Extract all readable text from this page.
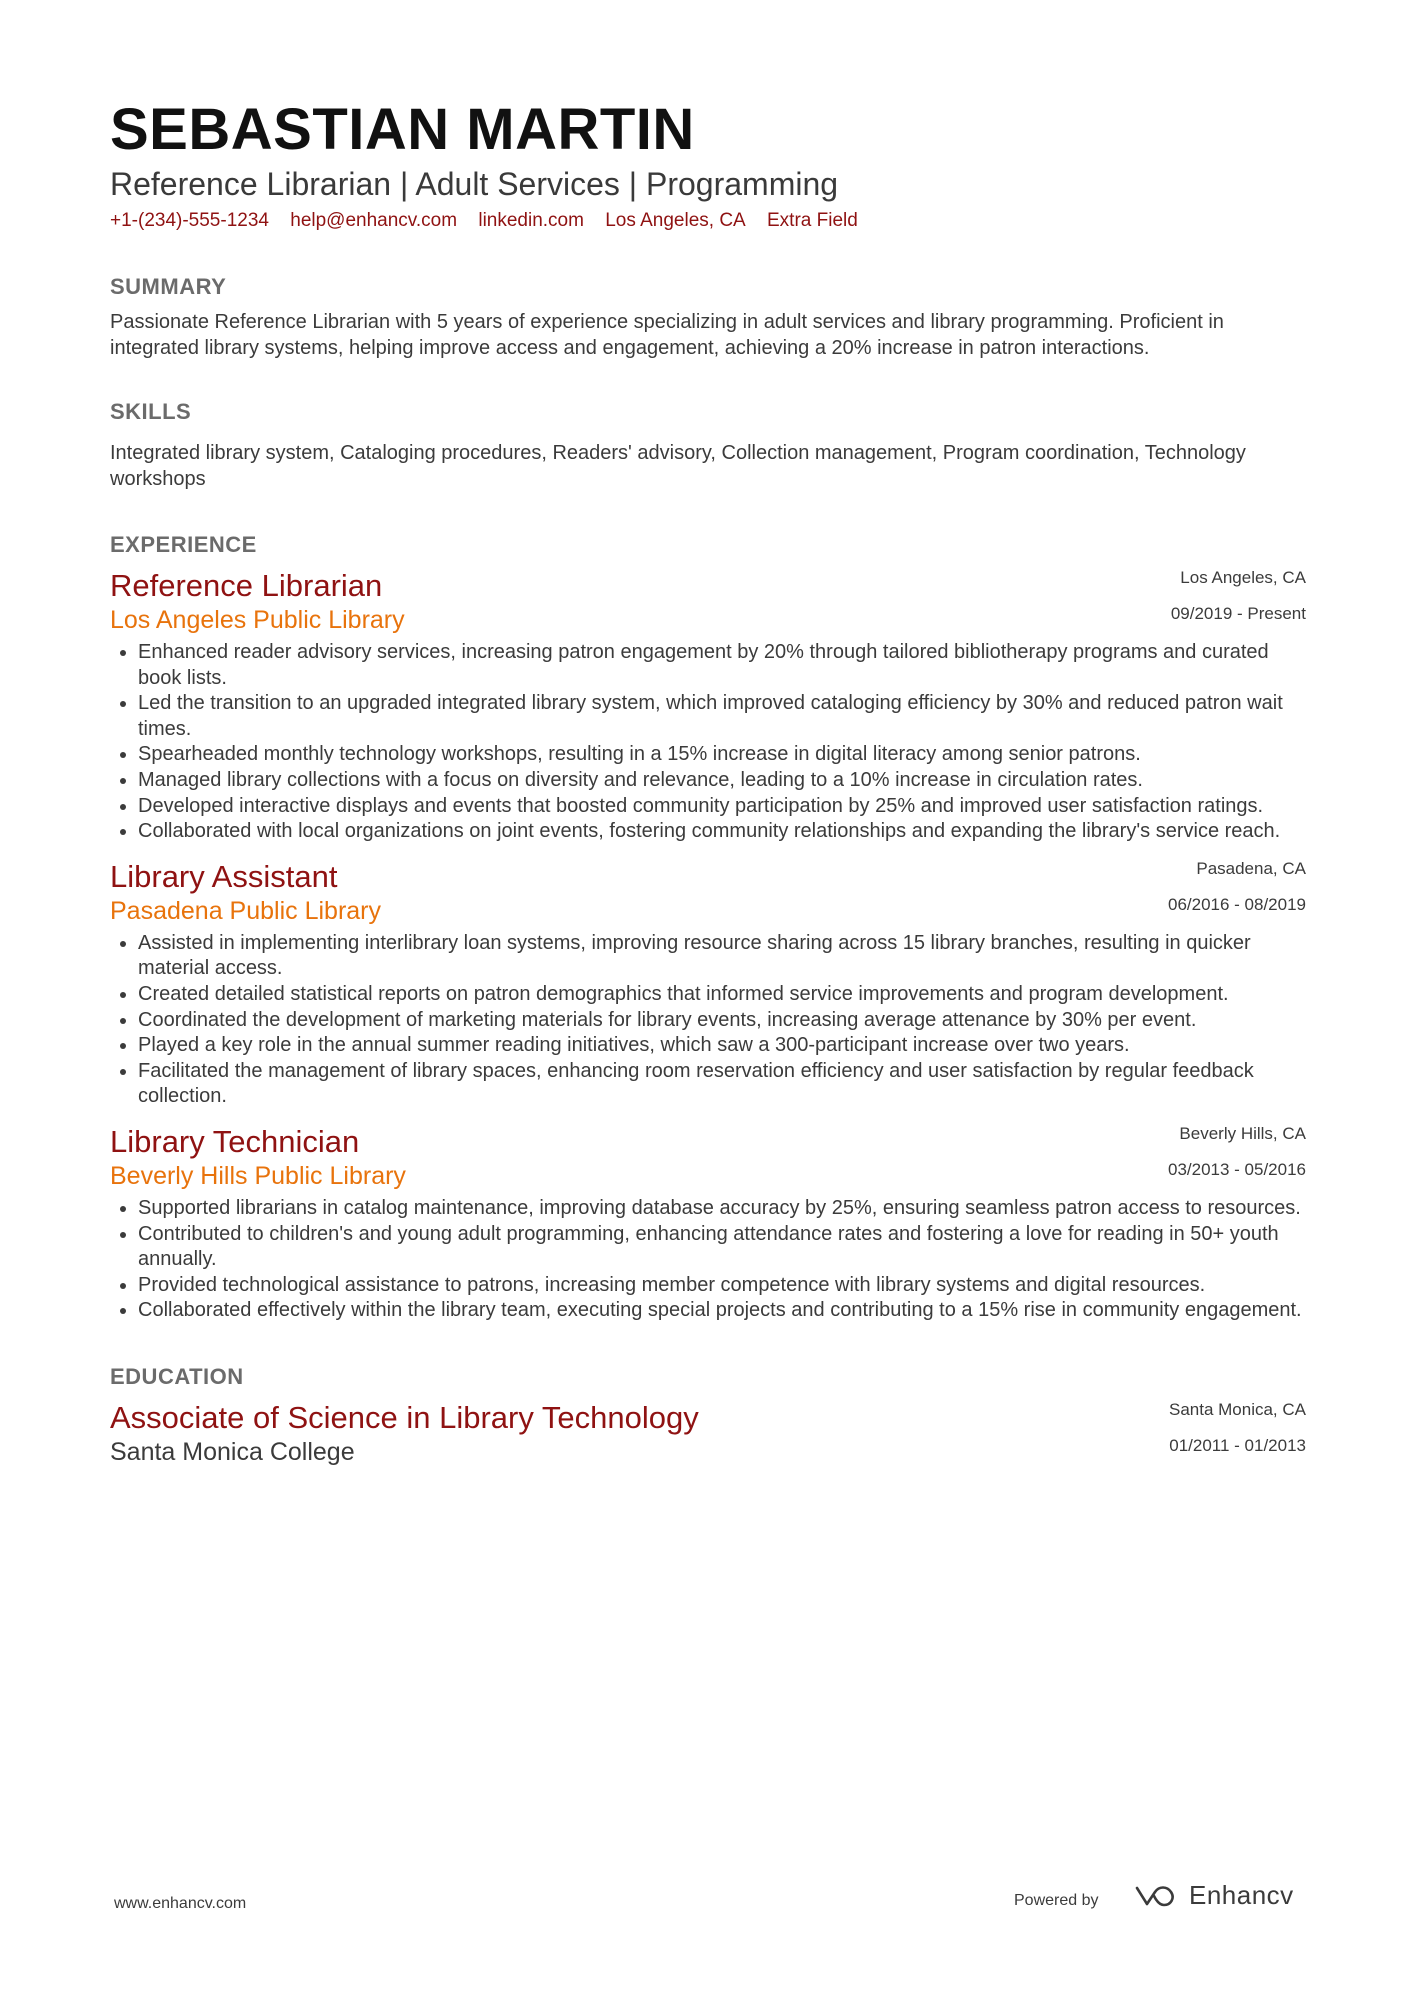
SEBASTIAN MARTIN
Reference Librarian | Adult Services | Programming
+1-(234)-555-1234 help@enhancv.com linkedin.com Los Angeles, CA Extra Field
SUMMARY
Passionate Reference Librarian with 5 years of experience specializing in adult services and library programming. Proficient in integrated library systems, helping improve access and engagement, achieving a 20% increase in patron interactions.
SKILLS
Integrated library system, Cataloging procedures, Readers' advisory, Collection management, Program coordination, Technology workshops
EXPERIENCE
Los Angeles, CA
09/2019 - Present
Reference Librarian
Los Angeles Public Library
• Enhanced reader advisory services, increasing patron engagement by 20% through tailored bibliotherapy programs and curated book lists.
• Led the transition to an upgraded integrated library system, which improved cataloging efficiency by 30% and reduced patron wait times.
• Spearheaded monthly technology workshops, resulting in a 15% increase in digital literacy among senior patrons.
• Managed library collections with a focus on diversity and relevance, leading to a 10% increase in circulation rates.
• Developed interactive displays and events that boosted community participation by 25% and improved user satisfaction ratings.
• Collaborated with local organizations on joint events, fostering community relationships and expanding the library's service reach.
Pasadena, CA
06/2016 - 08/2019
Library Assistant
Pasadena Public Library
• Assisted in implementing interlibrary loan systems, improving resource sharing across 15 library branches, resulting in quicker material access.
• Created detailed statistical reports on patron demographics that informed service improvements and program development.
• Coordinated the development of marketing materials for library events, increasing average attenance by 30% per event.
• Played a key role in the annual summer reading initiatives, which saw a 300-participant increase over two years.
• Facilitated the management of library spaces, enhancing room reservation efficiency and user satisfaction by regular feedback collection.
Beverly Hills, CA
03/2013 - 05/2016
Library Technician
Beverly Hills Public Library
• Supported librarians in catalog maintenance, improving database accuracy by 25%, ensuring seamless patron access to resources.
• Contributed to children's and young adult programming, enhancing attendance rates and fostering a love for reading in 50+ youth annually.
• Provided technological assistance to patrons, increasing member competence with library systems and digital resources.
• Collaborated effectively within the library team, executing special projects and contributing to a 15% rise in community engagement.
EDUCATION
Santa Monica, CA
01/2011 - 01/2013
Associate of Science in Library Technology
Santa Monica College
www.enhancv.com	Powered by	Enhancv
